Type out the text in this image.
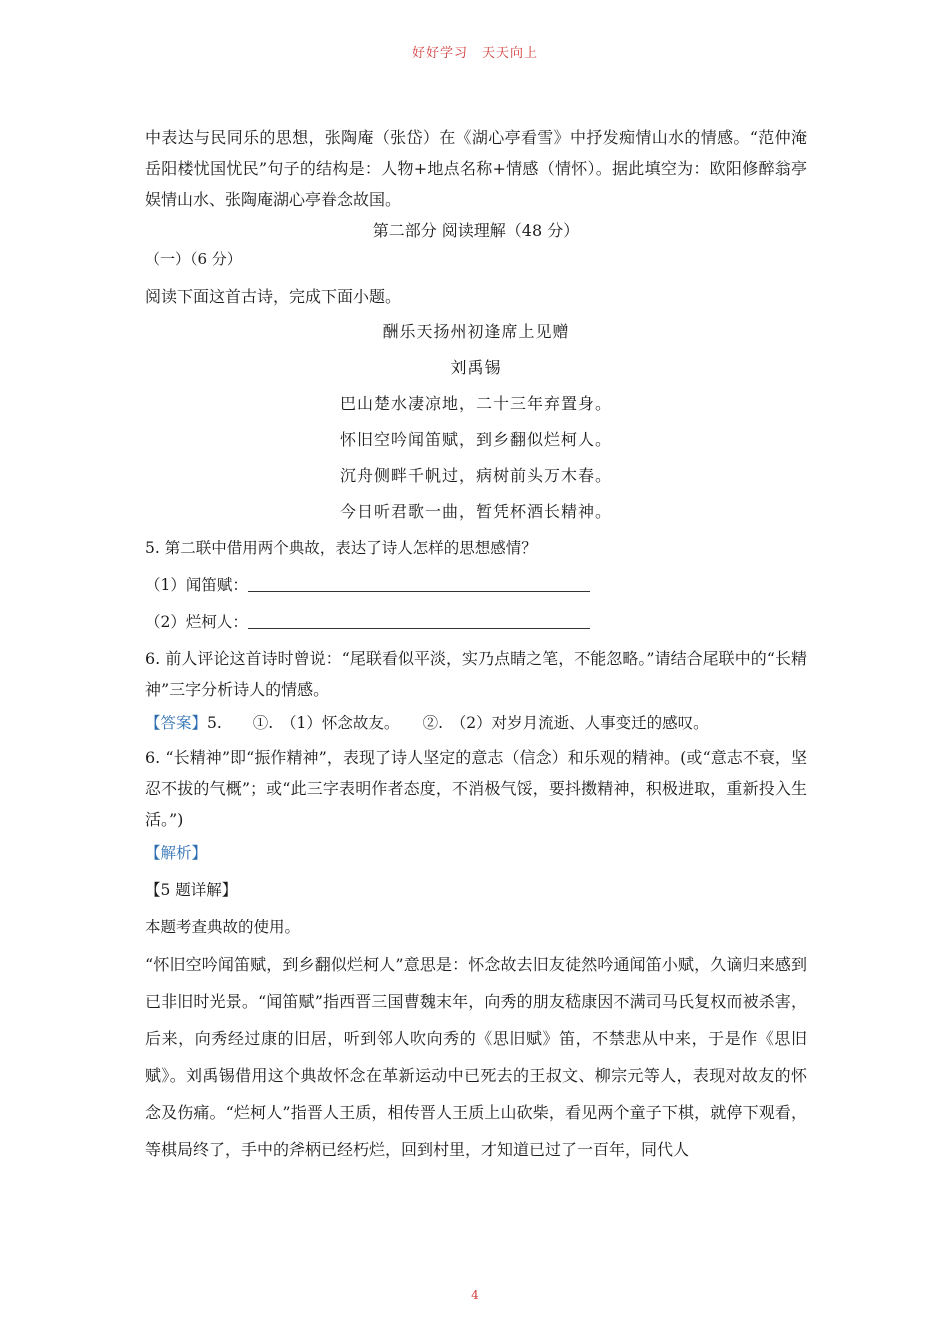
好好学习　天天向上
中表达与民同乐的思想，张陶庵（张岱）在《湖心亭看雪》中抒发痴情山水的情感。“范仲淹岳阳楼忧国忧民”句子的结构是：人物+地点名称+情感（情怀）。据此填空为：欧阳修醉翁亭娱情山水、张陶庵湖心亭眷念故国。
第二部分 阅读理解（48 分）
（一）（6 分）
阅读下面这首古诗，完成下面小题。
酬乐天扬州初逢席上见赠
刘禹锡
巴山楚水凄凉地，二十三年弃置身。
怀旧空吟闻笛赋，到乡翻似烂柯人。
沉舟侧畔千帆过，病树前头万木春。
今日听君歌一曲，暂凭杯酒长精神。
5. 第二联中借用两个典故，表达了诗人怎样的思想感情？
（1）闻笛赋：
（2）烂柯人：
6. 前人评论这首诗时曾说：“尾联看似平淡，实乃点睛之笔，不能忽略。”请结合尾联中的“长精神”三字分析诗人的情感。
【答案】5.　　①.　（1）怀念故友。　　②.　（2）对岁月流逝、人事变迁的感叹。
6. “长精神”即“振作精神”，表现了诗人坚定的意志（信念）和乐观的精神。(或“意志不衰，坚忍不拔的气概”；或“此三字表明作者态度，不消极气馁，要抖擞精神，积极进取，重新投入生活。”)
【解析】
【5 题详解】
本题考查典故的使用。
“怀旧空吟闻笛赋，到乡翻似烂柯人”意思是：怀念故去旧友徒然吟通闻笛小赋，久谪归来感到已非旧时光景。“闻笛赋”指西晋三国曹魏末年，向秀的朋友嵇康因不满司马氏复权而被杀害，后来，向秀经过康的旧居，听到邻人吹向秀的《思旧赋》笛，不禁悲从中来，于是作《思旧赋》。刘禹锡借用这个典故怀念在革新运动中已死去的王叔文、柳宗元等人，表现对故友的怀念及伤痛。“烂柯人”指晋人王质，相传晋人王质上山砍柴，看见两个童子下棋，就停下观看，等棋局终了，手中的斧柄已经朽烂，回到村里，才知道已过了一百年，同代人
4
